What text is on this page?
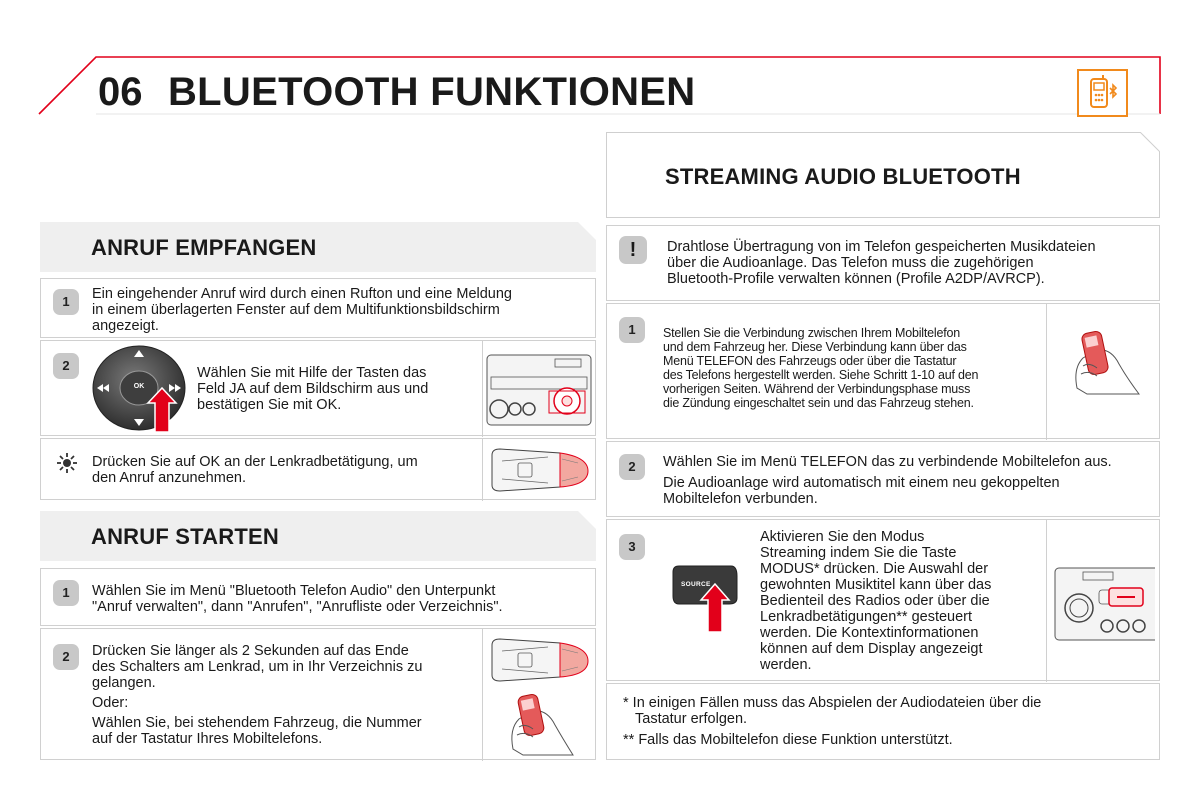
06 BLUETOOTH FUNKTIONEN
ANRUF EMPFANGEN
1	Ein eingehender Anruf wird durch einen Rufton und eine Meldung
in einem überlagerten Fenster auf dem Multifunktionsbildschirm
angezeigt.
2
OK
Wählen Sie mit Hilfe der Tasten das
Feld JA auf dem Bildschirm aus und
bestätigen Sie mit OK.
Drücken Sie auf OK an der Lenkradbetätigung, um
den Anruf anzunehmen.
ANRUF STARTEN
1	Wählen Sie im Menü "Bluetooth Telefon Audio" den Unterpunkt
"Anruf verwalten", dann "Anrufen", "Anrufliste oder Verzeichnis".
2	Drücken Sie länger als 2 Sekunden auf das Ende
des Schalters am Lenkrad, um in Ihr Verzeichnis zu
gelangen.
Oder:
Wählen Sie, bei stehendem Fahrzeug, die Nummer
auf der Tastatur Ihres Mobiltelefons.
STREAMING AUDIO BLUETOOTH
!	Drahtlose Übertragung von im Telefon gespeicherten Musikdateien
über die Audioanlage. Das Telefon muss die zugehörigen
Bluetooth-Profile verwalten können (Profile A2DP/AVRCP).
1	Stellen Sie die Verbindung zwischen Ihrem Mobiltelefon
und dem Fahrzeug her. Diese Verbindung kann über das
Menü TELEFON des Fahrzeugs oder über die Tastatur
des Telefons hergestellt werden. Siehe Schritt 1-10 auf den
vorherigen Seiten. Während der Verbindungsphase muss
die Zündung eingeschaltet sein und das Fahrzeug stehen.
2	Wählen Sie im Menü TELEFON das zu verbindende Mobiltelefon aus.
Die Audioanlage wird automatisch mit einem neu gekoppelten
Mobiltelefon verbunden.
3
SOURCE
Aktivieren Sie den Modus
Streaming indem Sie die Taste
MODUS* drücken. Die Auswahl der
gewohnten Musiktitel kann über das
Bedienteil des Radios oder über die
Lenkradbetätigungen** gesteuert
werden. Die Kontextinformationen
können auf dem Display angezeigt
werden.
* In einigen Fällen muss das Abspielen der Audiodateien über die
Tastatur erfolgen.
** Falls das Mobiltelefon diese Funktion unterstützt.
